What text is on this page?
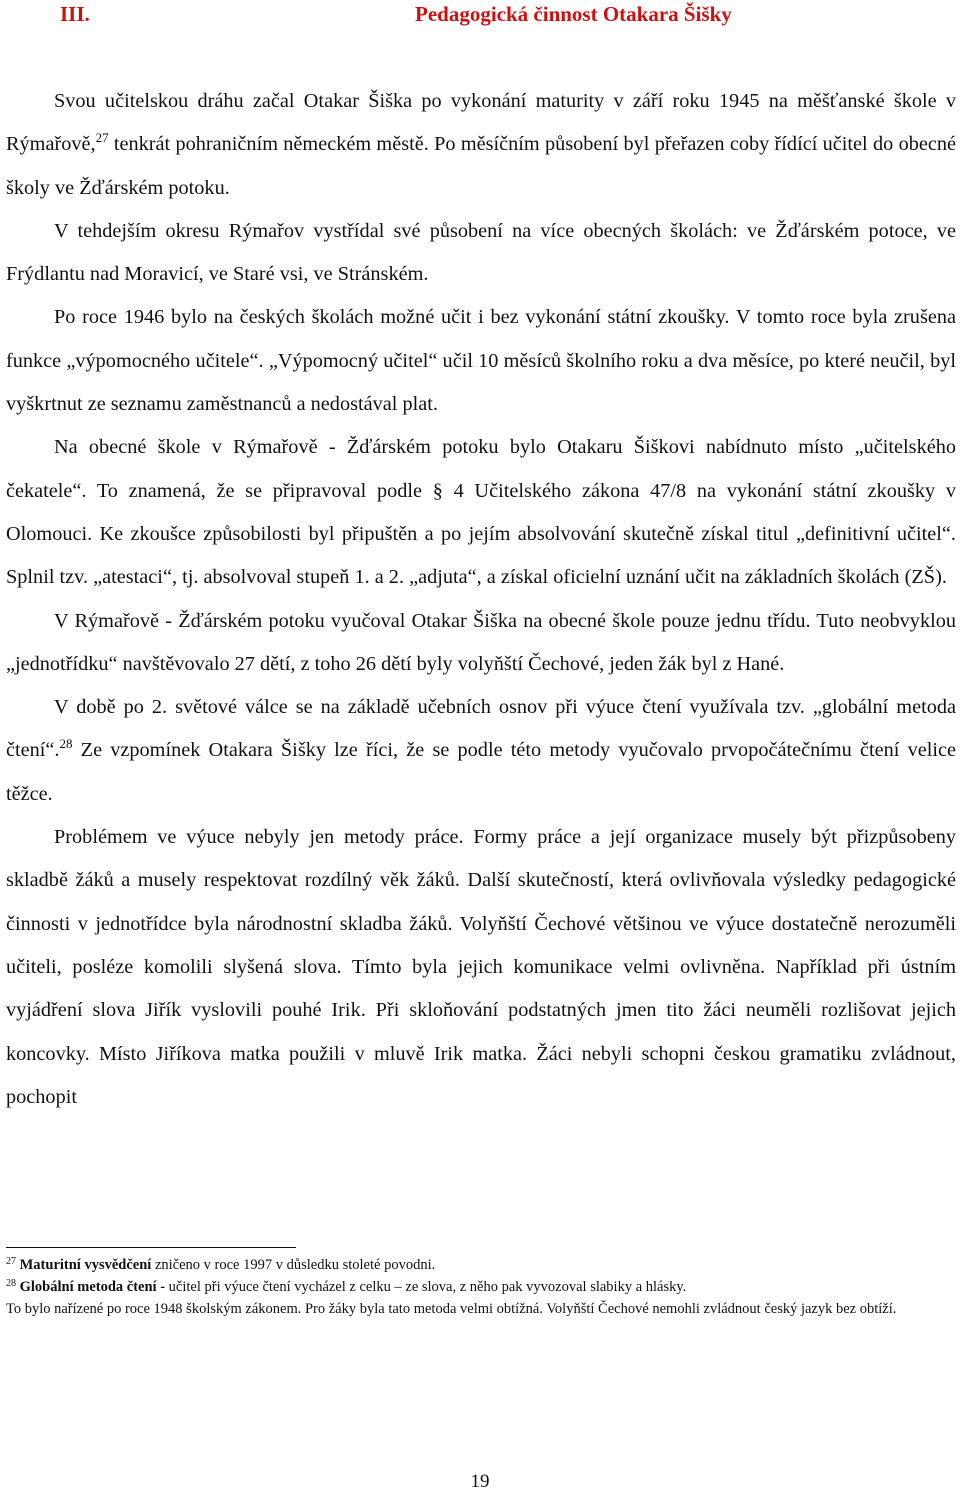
III.	Pedagogická činnost Otakara Šišky

Svou učitelskou dráhu začal Otakar Šiška po vykonání maturity v září roku 1945 na měšťanské škole v Rýmařově,$^{27}$ tenkrát pohraničním německém městě. Po měsíčním působení byl přeřazen coby řídící učitel do obecné školy ve Žďárském potoku.

V tehdejším okresu Rýmařov vystřídal své působení na více obecných školách: ve Žďárském potoce, ve Frýdlantu nad Moravicí, ve Staré vsi, ve Stránském.

Po roce 1946 bylo na českých školách možné učit i bez vykonání státní zkoušky. V tomto roce byla zrušena funkce „výpomocného učitele“. „Výpomocný učitel“ učil 10 měsíců školního roku a dva měsíce, po které neučil, byl vyškrtnut ze seznamu zaměstnanců a nedostával plat.

Na obecné škole v Rýmařově - Žďárském potoku bylo Otakaru Šiškovi nabídnuto místo „učitelského čekatele“. To znamená, že se připravoval podle § 4 Učitelského zákona 47/8 na vykonání státní zkoušky v Olomouci. Ke zkoušce způsobilosti byl připuštěn a po jejím absolvování skutečně získal titul „definitivní učitel“. Splnil tzv. „atestaci“, tj. absolvoval stupeň 1. a 2. „adjuta“, a získal oficielní uznání učit na základních školách (ZŠ).

V Rýmařově - Žďárském potoku vyučoval Otakar Šiška na obecné škole pouze jednu třídu. Tuto neobvyklou „jednotřídku“ navštěvovalo 27 dětí, z toho 26 dětí byly volyňští Čechové, jeden žák byl z Hané.

V době po 2. světové válce se na základě učebních osnov při výuce čtení využívala tzv. „globální metoda čtení“.$^{28}$ Ze vzpomínek Otakara Šišky lze říci, že se podle této metody vyučovalo prvopočátečnímu čtení velice těžce.

Problémem ve výuce nebyly jen metody práce. Formy práce a její organizace musely být přizpůsobeny skladbě žáků a musely respektovat rozdílný věk žáků. Další skutečností, která ovlivňovala výsledky pedagogické činnosti v jednotřídce byla národnostní skladba žáků. Volyňští Čechové většinou ve výuce dostatečně nerozuměli učiteli, posléze komolili slyšená slova. Tímto byla jejich komunikace velmi ovlivněna. Například při ústním vyjádření slova Jiřík vyslovili pouhé Irik. Při skloňování podstatných jmen tito žáci neuměli rozlišovat jejich koncovky. Místo Jiříkova matka použili v mluvě Irik matka. Žáci nebyli schopni českou gramatiku zvládnout, pochopit

$^{27}$ Maturitní vysvědčení zničeno v roce 1997 v důsledku stoleté povodni.

$^{28}$ Globální metoda čtení - učitel při výuce čtení vycházel z celku – ze slova, z něho pak vyvozoval slabiky a hlásky.

To bylo nařízené po roce 1948 školským zákonem. Pro žáky byla tato metoda velmi obtížná. Volyňští Čechové nemohli zvládnout český jazyk bez obtíží.

19
